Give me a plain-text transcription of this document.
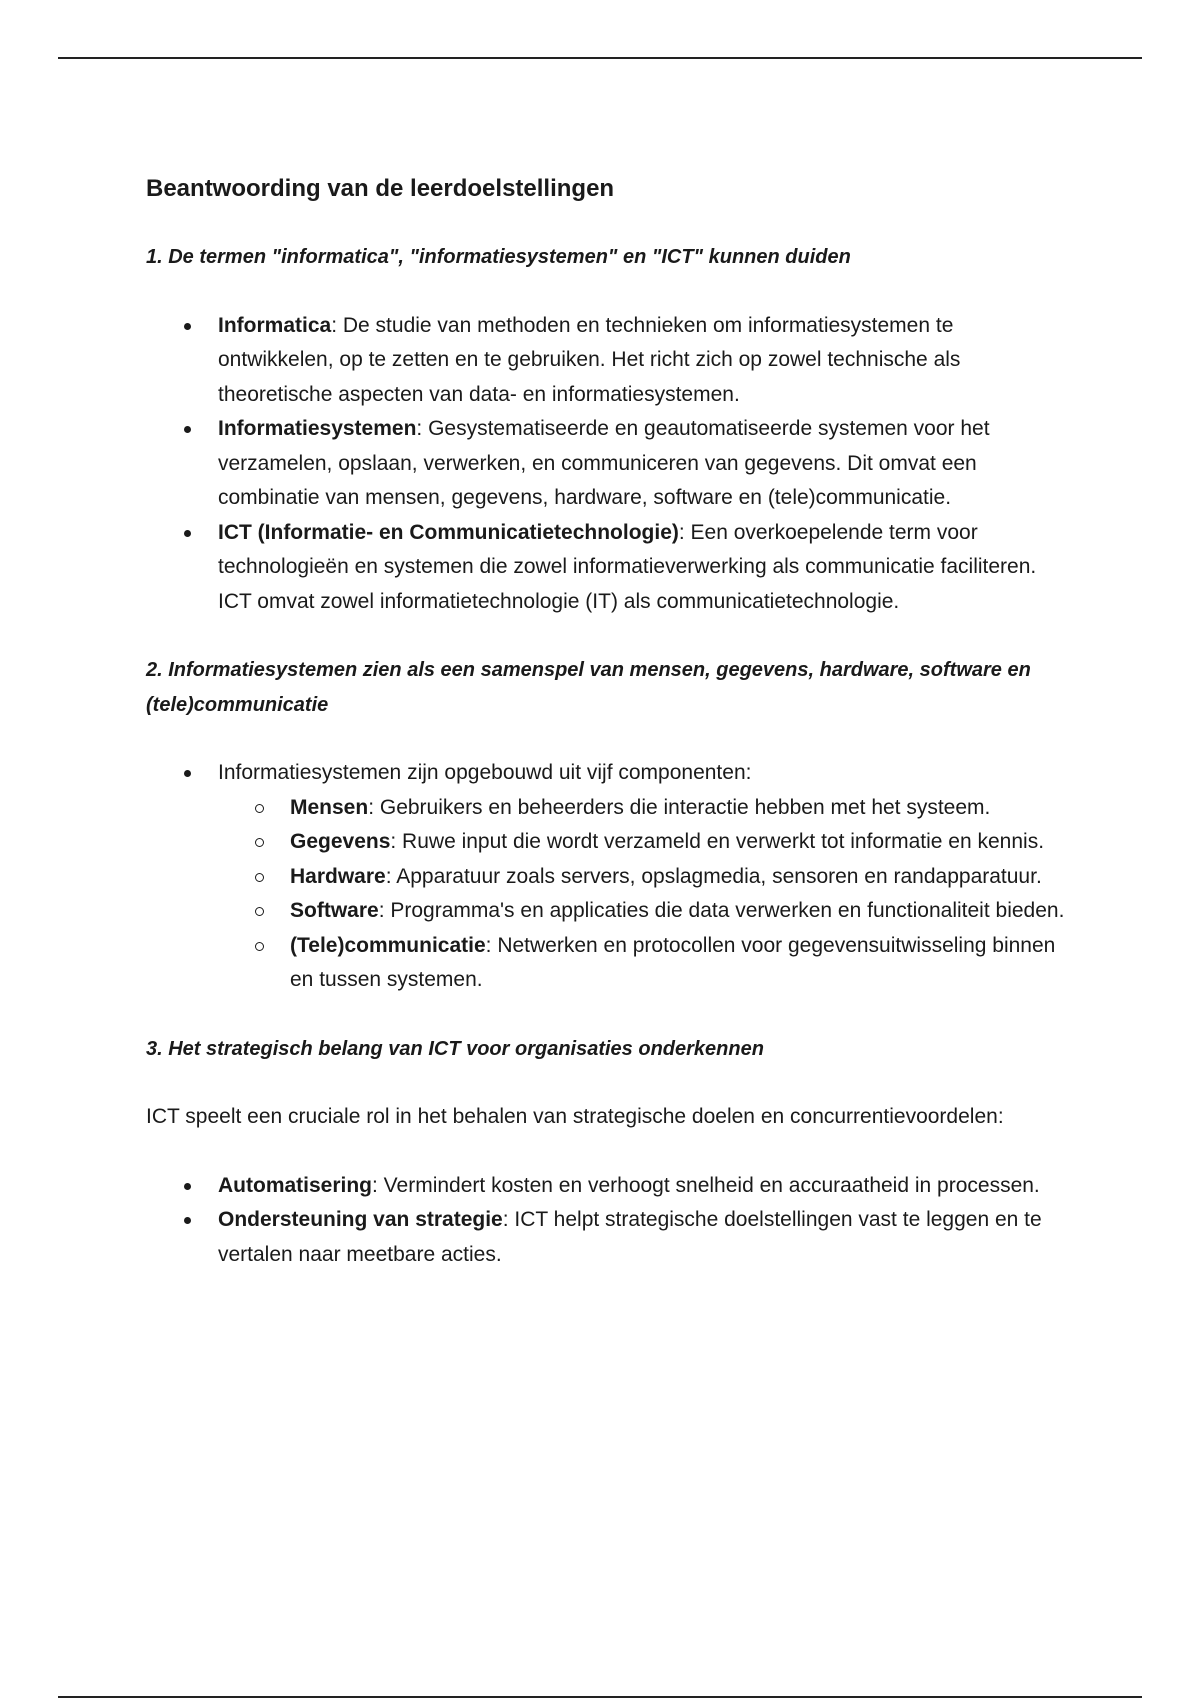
Beantwoording van de leerdoelstellingen
1. De termen "informatica", "informatiesystemen" en "ICT" kunnen duiden
Informatica: De studie van methoden en technieken om informatiesystemen te ontwikkelen, op te zetten en te gebruiken. Het richt zich op zowel technische als theoretische aspecten van data- en informatiesystemen.
Informatiesystemen: Gesystematiseerde en geautomatiseerde systemen voor het verzamelen, opslaan, verwerken, en communiceren van gegevens. Dit omvat een combinatie van mensen, gegevens, hardware, software en (tele)communicatie.
ICT (Informatie- en Communicatietechnologie): Een overkoepelende term voor technologieën en systemen die zowel informatieverwerking als communicatie faciliteren. ICT omvat zowel informatietechnologie (IT) als communicatietechnologie.
2. Informatiesystemen zien als een samenspel van mensen, gegevens, hardware, software en (tele)communicatie
Informatiesystemen zijn opgebouwd uit vijf componenten:
Mensen: Gebruikers en beheerders die interactie hebben met het systeem.
Gegevens: Ruwe input die wordt verzameld en verwerkt tot informatie en kennis.
Hardware: Apparatuur zoals servers, opslagmedia, sensoren en randapparatuur.
Software: Programma's en applicaties die data verwerken en functionaliteit bieden.
(Tele)communicatie: Netwerken en protocollen voor gegevensuitwisseling binnen en tussen systemen.
3. Het strategisch belang van ICT voor organisaties onderkennen

ICT speelt een cruciale rol in het behalen van strategische doelen en concurrentievoordelen:

Automatisering: Vermindert kosten en verhoogt snelheid en accuraatheid in processen.
Ondersteuning van strategie: ICT helpt strategische doelstellingen vast te leggen en te vertalen naar meetbare acties.
